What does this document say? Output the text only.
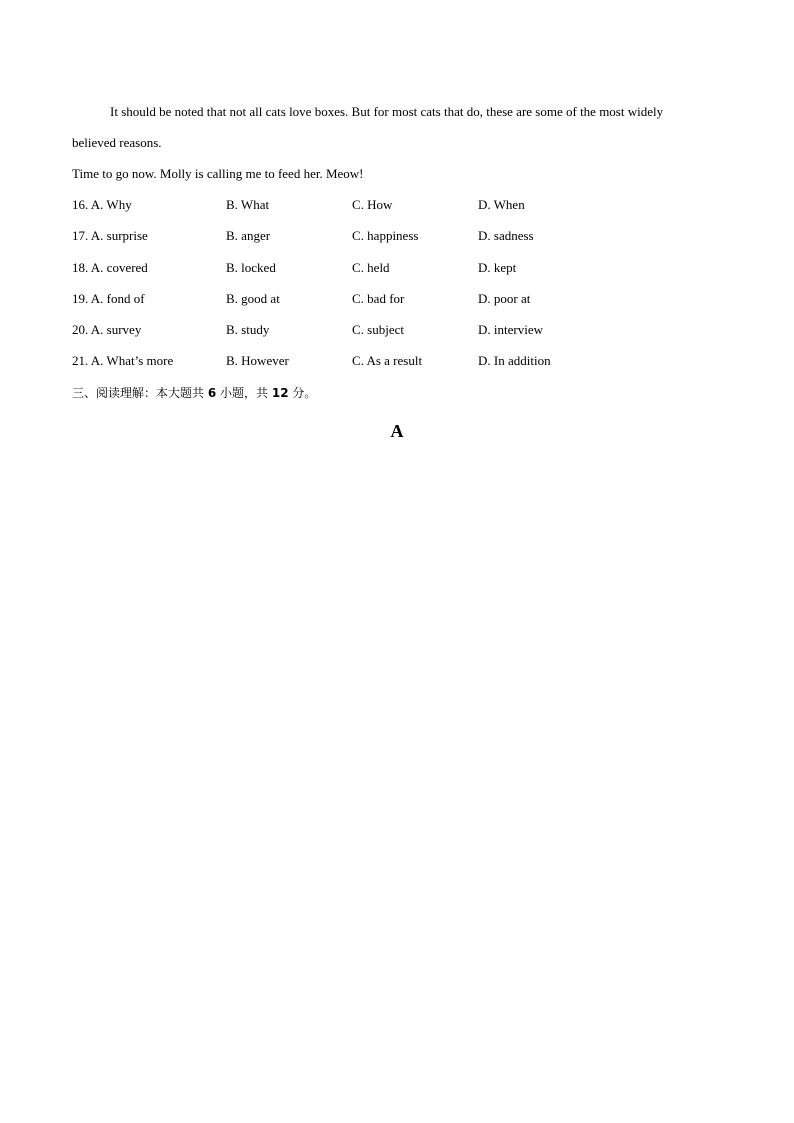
It should be noted that not all cats love boxes. But for most cats that do, these are some of the most widely
believed reasons.
Time to go now. Molly is calling me to feed her. Meow!
16. A. Why	B. What	C. How	D. When
17. A. surprise	B. anger	C. happiness	D. sadness
18. A. covered	B. locked	C. held	D. kept
19. A. fond of	B. good at	C. bad for	D. poor at
20. A. survey	B. study	C. subject	D. interview
21. A. What’s more	B. However	C. As a result	D. In addition
三、阅读理解：本大题共 6 小题，共 12 分。
A
